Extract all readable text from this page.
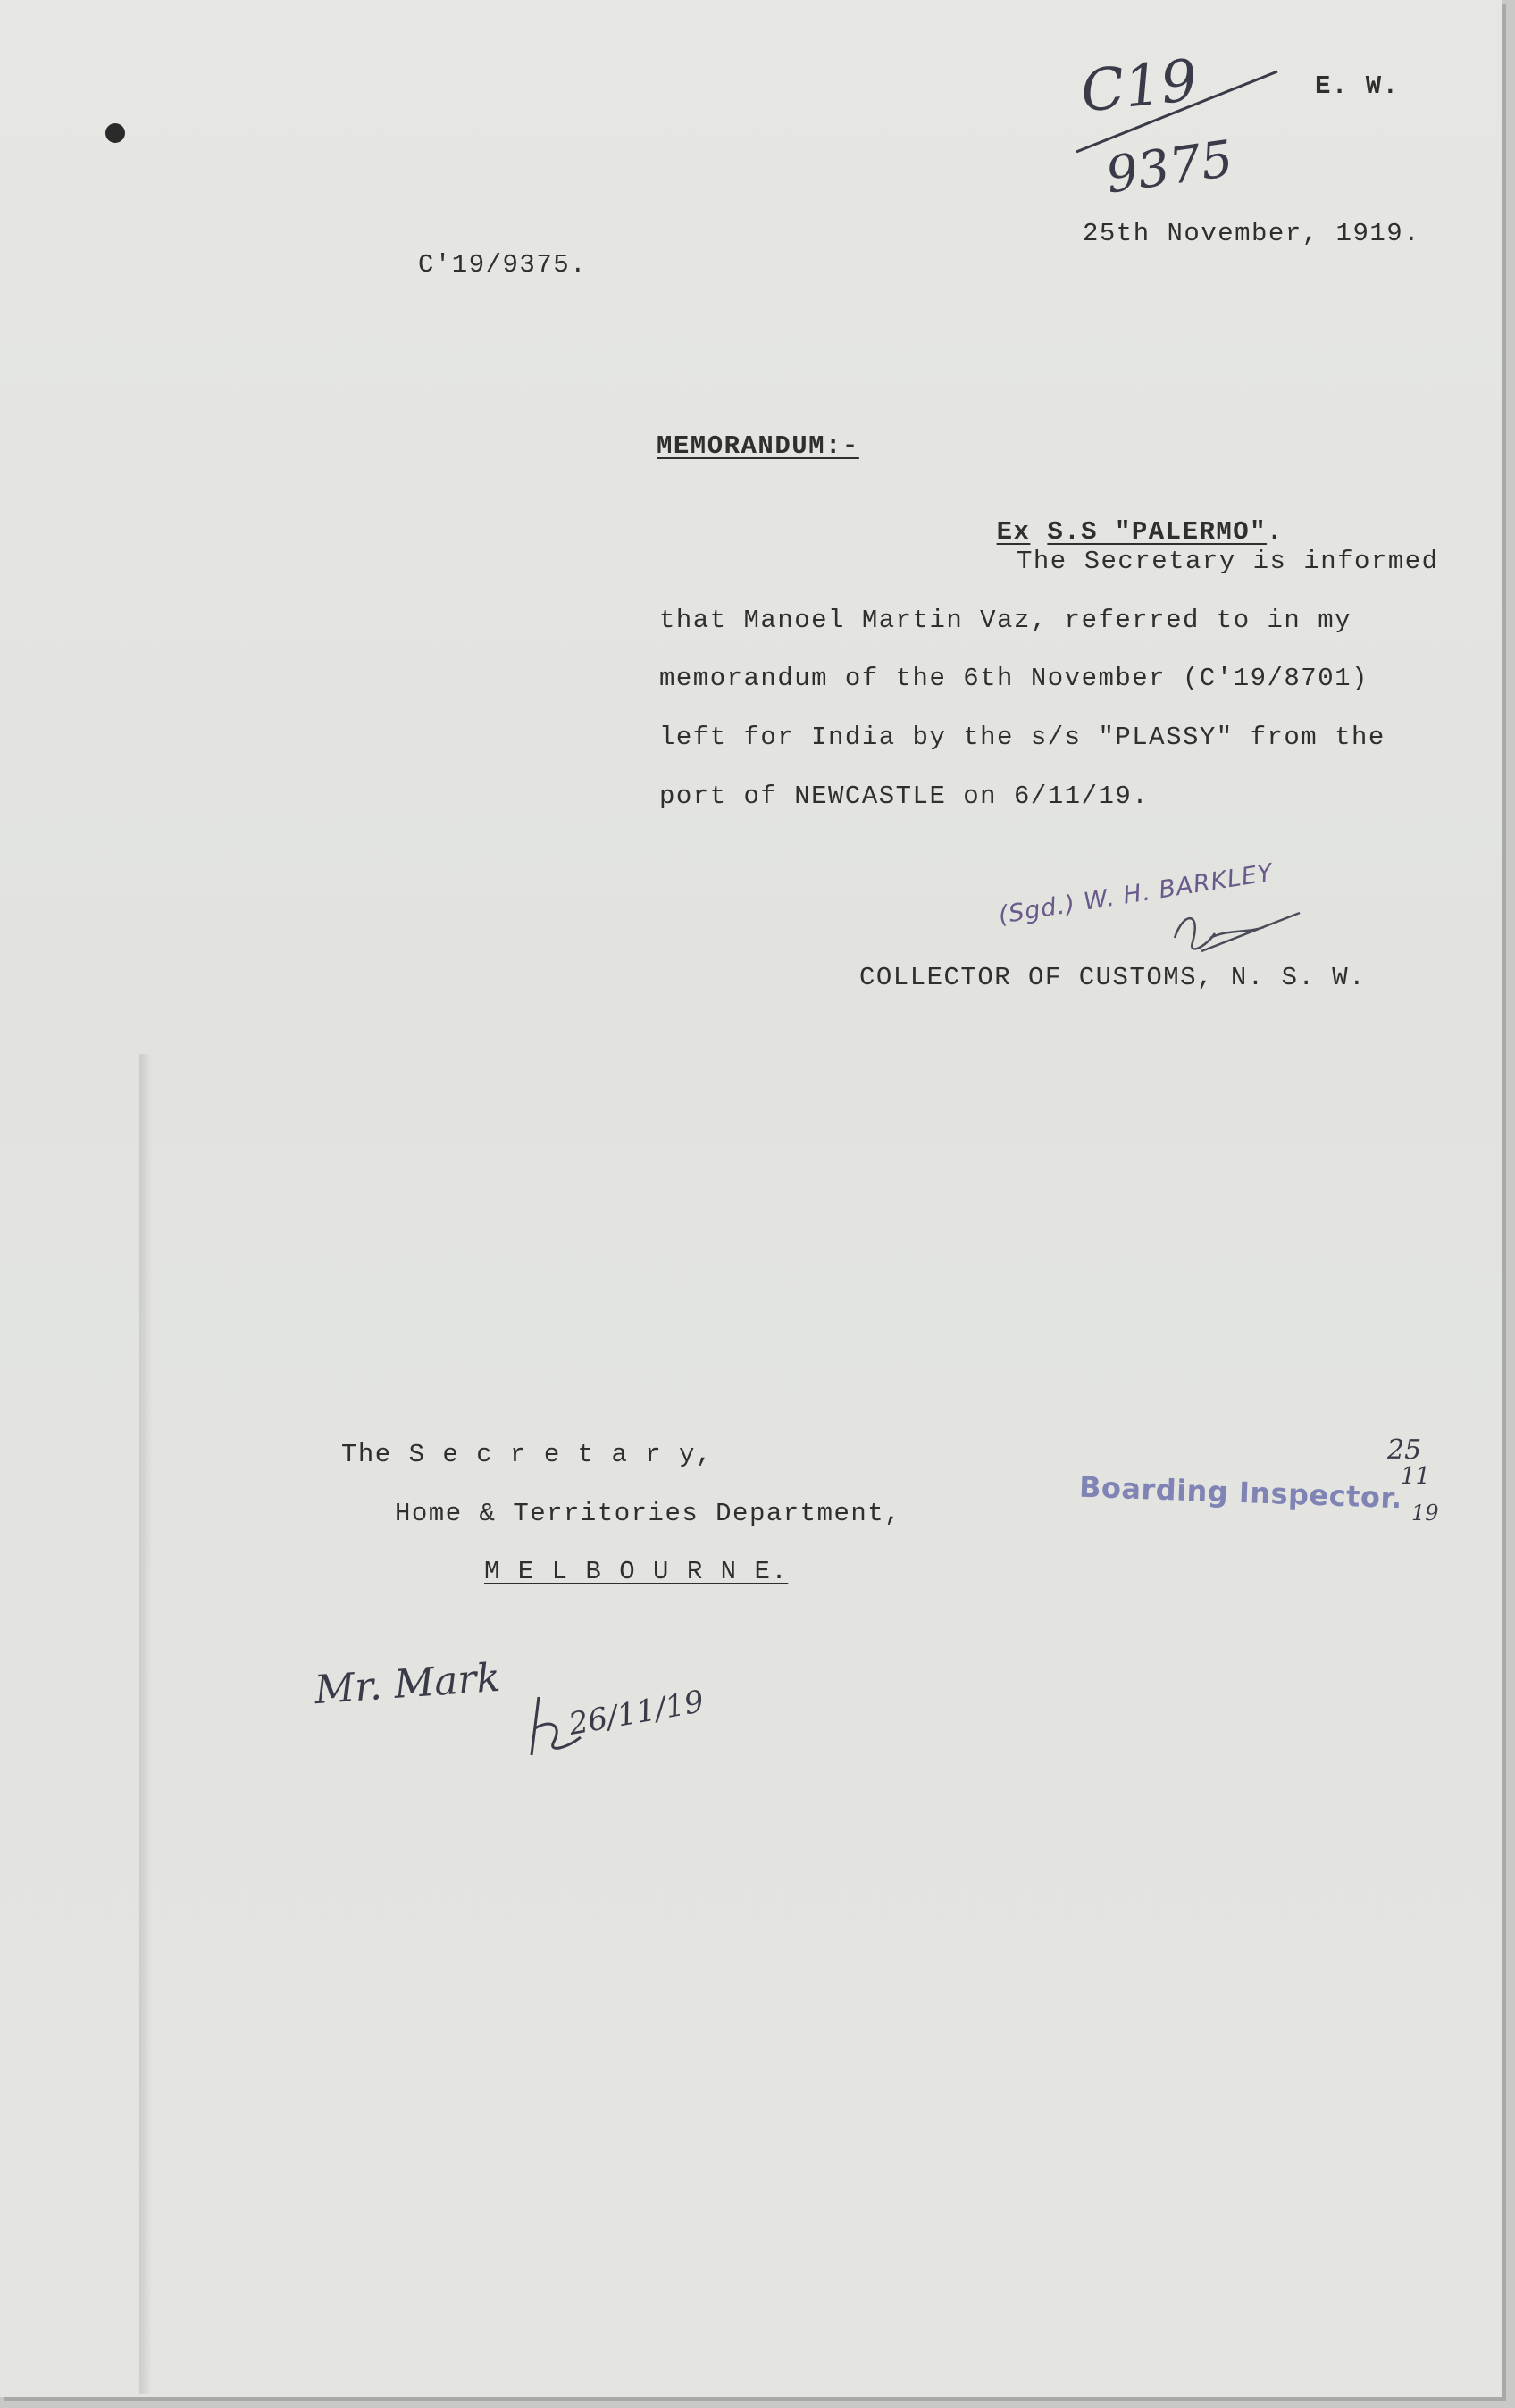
C19
9375
E. W.
25th November, 1919.
C'19/9375.
MEMORANDUM:-

Ex S.S "PALERMO".

The Secretary is informed
that Manoel Martin Vaz, referred to in my
memorandum of the 6th November (C'19/8701)
left for India by the s/s "PLASSY" from the
port of NEWCASTLE on 6/11/19.
(Sgd.) W. H. BARKLEY
COLLECTOR OF CUSTOMS, N. S. W.
The S e c r e t a r y,
Home & Territories Department,
M E L B O U R N E.
Boarding Inspector.
25
11
19
Mr. Mark 26/11/19
